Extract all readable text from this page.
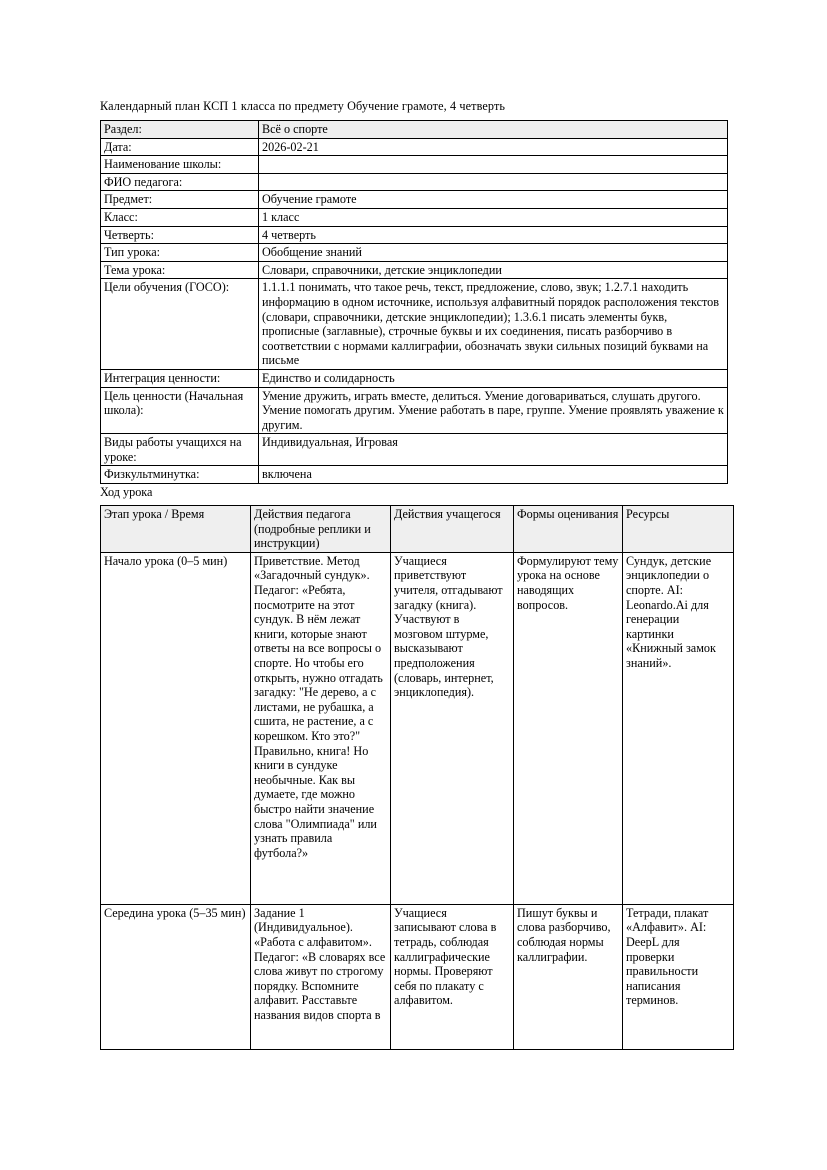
Календарный план КСП 1 класса по предмету Обучение грамоте, 4 четверть
Раздел:	Всё о спорте
Дата:	2026-02-21
Наименование школы:	
ФИО педагога:	
Предмет:	Обучение грамоте
Класс:	1 класс
Четверть:	4 четверть
Тип урока:	Обобщение знаний
Тема урока:	Словари, справочники, детские энциклопедии
Цели обучения (ГОСО):	1.1.1.1 понимать, что такое речь, текст, предложение, слово, звук; 1.2.7.1 находить информацию в одном источнике, используя алфавитный порядок расположения текстов (словари, справочники, детские энциклопедии); 1.3.6.1 писать элементы букв, прописные (заглавные), строчные буквы и их соединения, писать разборчиво в соответствии с нормами каллиграфии, обозначать звуки сильных позиций буквами на письме
Интеграция ценности:	Единство и солидарность
Цель ценности (Начальная школа):	Умение дружить, играть вместе, делиться. Умение договариваться, слушать другого. Умение помогать другим. Умение работать в паре, группе. Умение проявлять уважение к другим.
Виды работы учащихся на уроке:	Индивидуальная, Игровая
Физкультминутка:	включена
Ход урока
Этап урока / Время	Действия педагога (подробные реплики и инструкции)	Действия учащегося	Формы оценивания	Ресурсы
Начало урока (0–5 мин)	Приветствие. Метод «Загадочный сундук». Педагог: «Ребята, посмотрите на этот сундук. В нём лежат книги, которые знают ответы на все вопросы о спорте. Но чтобы его открыть, нужно отгадать загадку: "Не дерево, а с листами, не рубашка, а сшита, не растение, а с корешком. Кто это?" Правильно, книга! Но книги в сундуке необычные. Как вы думаете, где можно быстро найти значение слова "Олимпиада" или узнать правила футбола?»	Учащиеся приветствуют учителя, отгадывают загадку (книга). Участвуют в мозговом штурме, высказывают предположения (словарь, интернет, энциклопедия).	Формулируют тему урока на основе наводящих вопросов.	Сундук, детские энциклопедии о спорте. AI: Leonardo.Ai для генерации картинки «Книжный замок знаний».
Середина урока (5–35 мин)	Задание 1 (Индивидуальное). «Работа с алфавитом». Педагог: «В словарях все слова живут по строгому порядку. Вспомните алфавит. Расставьте названия видов спорта в	Учащиеся записывают слова в тетрадь, соблюдая каллиграфические нормы. Проверяют себя по плакату с алфавитом.	Пишут буквы и слова разборчиво, соблюдая нормы каллиграфии.	Тетради, плакат «Алфавит». AI: DeepL для проверки правильности написания терминов.
